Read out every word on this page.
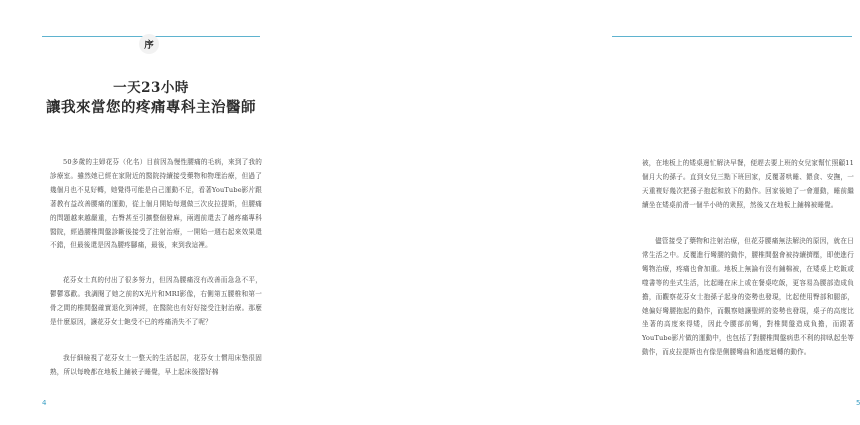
序
一天23小時
讓我來當您的疼痛專科主治醫師

50多歲的主婦花芬（化名）目前因為慢性腰痛的毛病，來到了我的診療室。雖然她已經在家附近的醫院持續接受藥物和物理治療，但過了幾個月也不見好轉，她覺得可能是自己運動不足，看著YouTube影片跟著教有益改善腰痛的運動，從上個月開始每週做三次皮拉提斯，但腰痛的問題越來越嚴重，右臀甚至引擴整個發麻，兩週前還去了趟疼痛專科醫院，經過腰椎間盤診斷後接受了注射治療，一開始一週右起來效果還不錯，但最後還是因為腰疼腳痛，最後，來到我這裡。

花芬女士真的付出了很多努力，但因為腰痛沒有改善而急急不平，鬱鬱寡歡。我調閱了她之前的X光片和MRI影像，右側第五腰椎和第一骨之間的椎間盤確實退化到神經，在醫院也有好好接受注射治療。那麼是什麼原因，讓花芬女士飽受不已的疼痛消失不了呢？

我仔細檢視了花芬女士一整天的生活起居，花芬女士慣用床墊很固熟，所以每晚都在地板上鋪被子睡覺，早上起床後摺好棉

4

被，在地板上的矮桌邊忙解決早餐，便趕去要上班的女兒家幫忙照顧11個月大的孫子。直到女兒三點下班回家，反覆著哄睡、餵食、安撫，一天重複好幾次把孫子抱起和放下的動作。回家後她了一會運動，睡前繼續坐在矮桌前滑一個半小時的衆照，然後又在地板上鋪棉被睡覺。

儘管接受了藥物和注射治療，但花芬腰痛無法解決的原因，就在日常生活之中。反覆進行彎腰的動作，腰椎間盤會被持續擠壓，即使進行彎物治療，疼痛也會加重。地板上無論有沒有鋪棉被，在矮桌上吃飯或噬書等的坐式生活，比起睡在床上或在餐桌吃飯，更容易為腰部造成負擔，而觀察花芬女士抱孫子起身的姿勢也發現，比起使用臀部和腿部，她偏好彎腰抱起的動作，而觀察她讓聖經的姿勢也發現，桌子的高度比坐著的高度來得矮，因此令腰部前彎，對椎間盤造成負擔，而跟著YouTube影片做的運動中，也包括了對腰椎間盤病患不利的抑臥起坐等動作，而皮拉提斯也有像是側腰彎曲和過度迴轉的動作。

5
